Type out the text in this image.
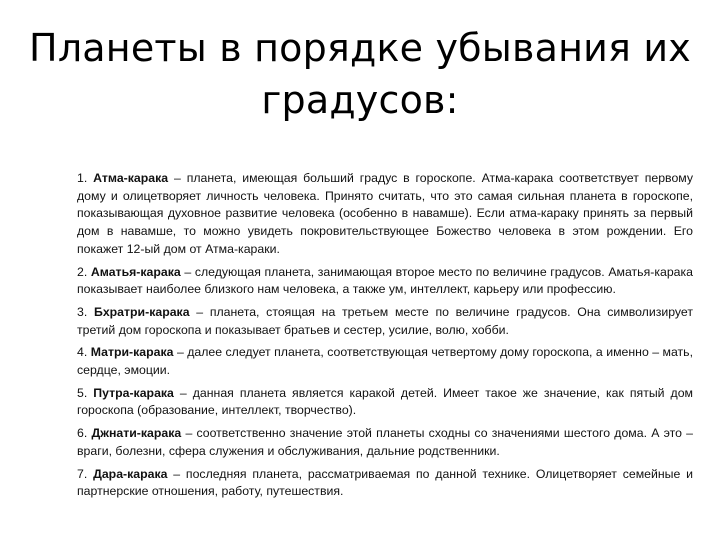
Планеты в порядке убывания их
градусов:

1. Атма-карака – планета, имеющая больший градус в гороскопе. Атма-карака соответствует первому дому и олицетворяет личность человека. Принято считать, что это самая сильная планета в гороскопе, показывающая духовное развитие человека (особенно в навамше). Если атма-караку принять за первый дом в навамше, то можно увидеть покровительствующее Божество человека в этом рождении. Его покажет 12-ый дом от Атма-караки.

2. Аматья-карака – следующая планета, занимающая второе место по величине градусов. Аматья-карака показывает наиболее близкого нам человека, а также ум, интеллект, карьеру или профессию.

3. Бхратри-карака – планета, стоящая на третьем месте по величине градусов. Она символизирует третий дом гороскопа и показывает братьев и сестер, усилие, волю, хобби.

4. Матри-карака – далее следует планета, соответствующая четвертому дому гороскопа, а именно – мать, сердце, эмоции.

5. Путра-карака – данная планета является каракой детей. Имеет такое же значение, как пятый дом гороскопа (образование, интеллект, творчество).

6. Джнати-карака – соответственно значение этой планеты сходны со значениями шестого дома. А это – враги, болезни, сфера служения и обслуживания, дальние родственники.

7. Дара-карака – последняя планета, рассматриваемая по данной технике. Олицетворяет семейные и партнерские отношения, работу, путешествия.
